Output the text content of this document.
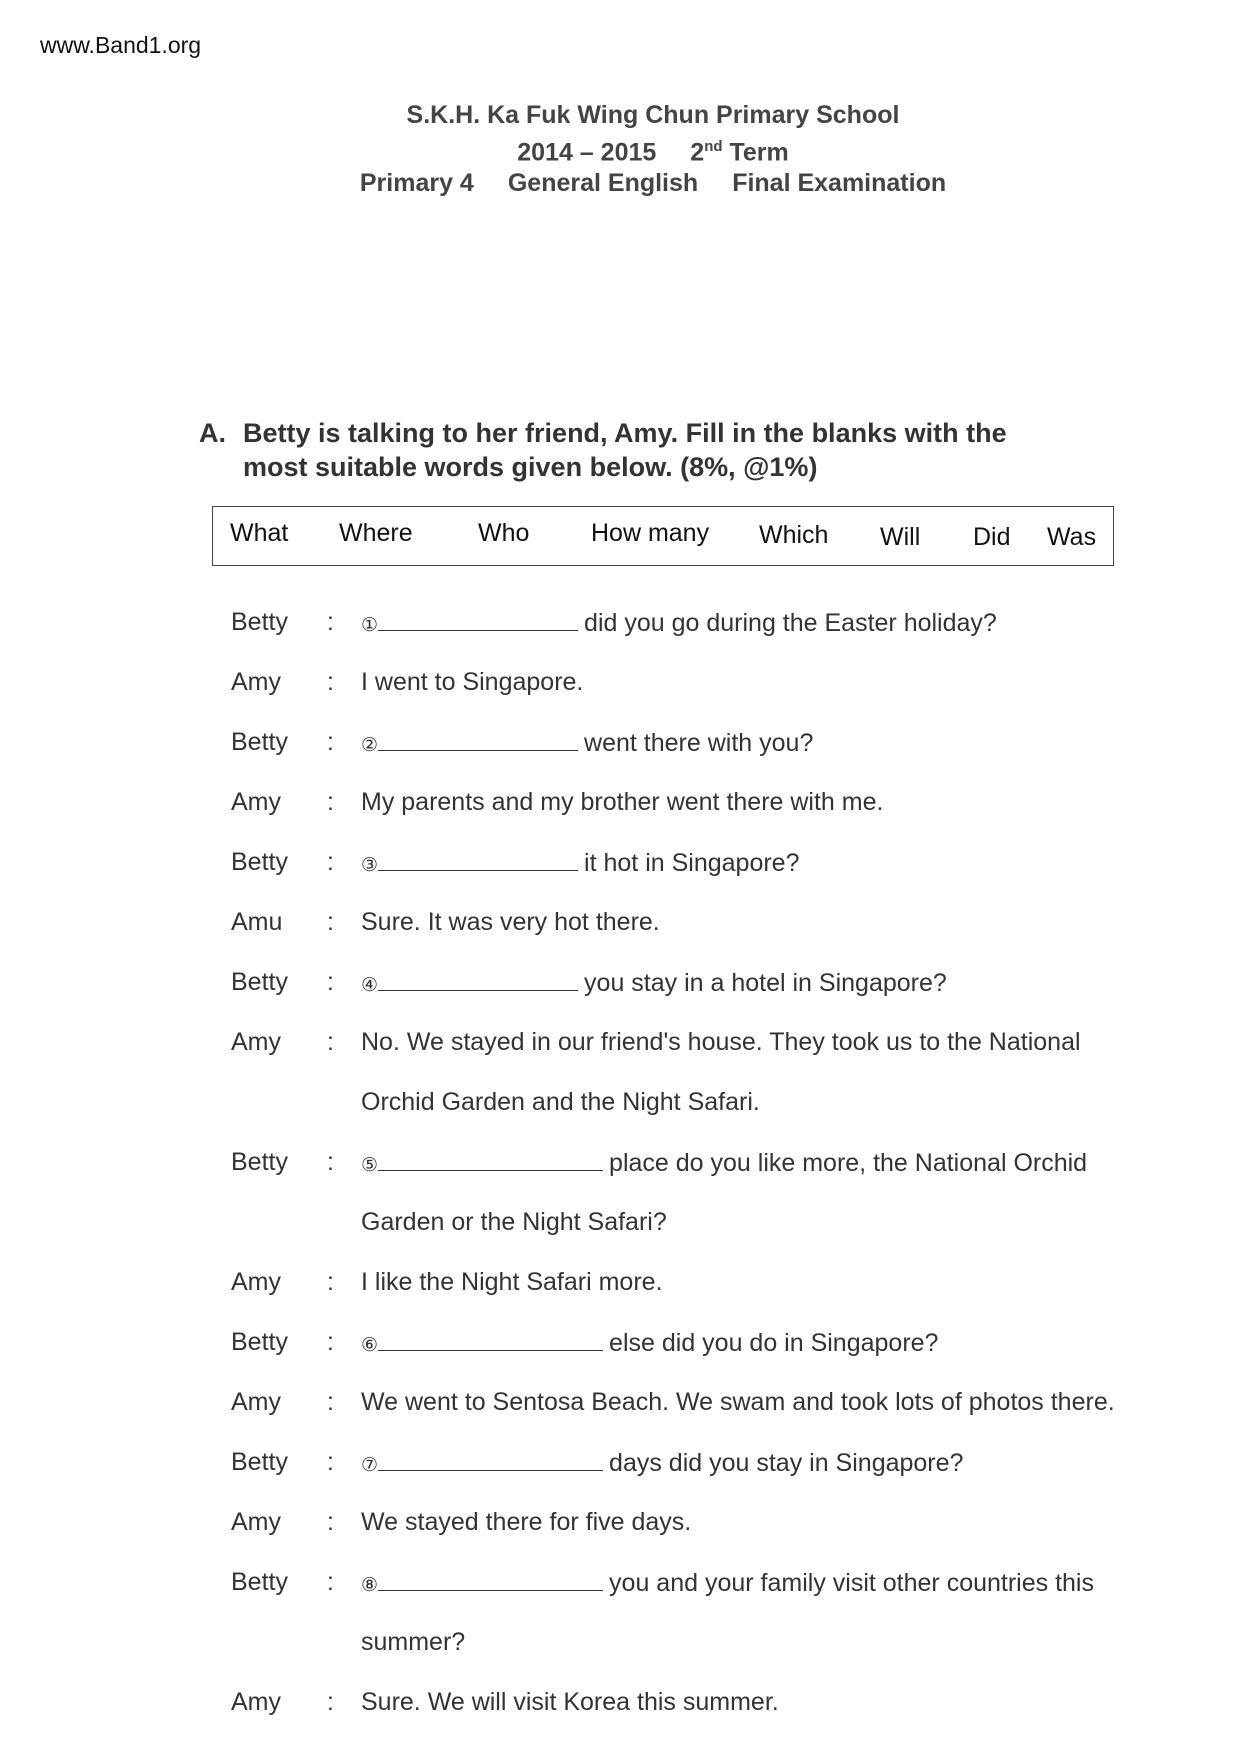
www.Band1.org
S.K.H. Ka Fuk Wing Chun Primary School
2014 – 2015 2nd Term
Primary 4 General English Final Examination
A. Betty is talking to her friend, Amy. Fill in the blanks with the
most suitable words given below. (8%, @1%)
What Where	Who How many Which Will Did Was
Betty : ①	did you go during the Easter holiday?
Amy : I went to Singapore.
Betty : ②	went there with you?
Amy : My parents and my brother went there with me.
Betty : ③	it hot in Singapore?
Amu : Sure. It was very hot there.
Betty : ④	you stay in a hotel in Singapore?
Amy : No. We stayed in our friend's house. They took us to the National
Orchid Garden and the Night Safari.
Betty : ⑤	place do you like more, the National Orchid
Garden or the Night Safari?
Amy : I like the Night Safari more.
Betty : ⑥	else did you do in Singapore?
Amy : We went to Sentosa Beach. We swam and took lots of photos there.
Betty : ⑦	days did you stay in Singapore?
Amy : We stayed there for five days.
Betty : ⑧	you and your family visit other countries this
summer?
Amy : Sure. We will visit Korea this summer.
